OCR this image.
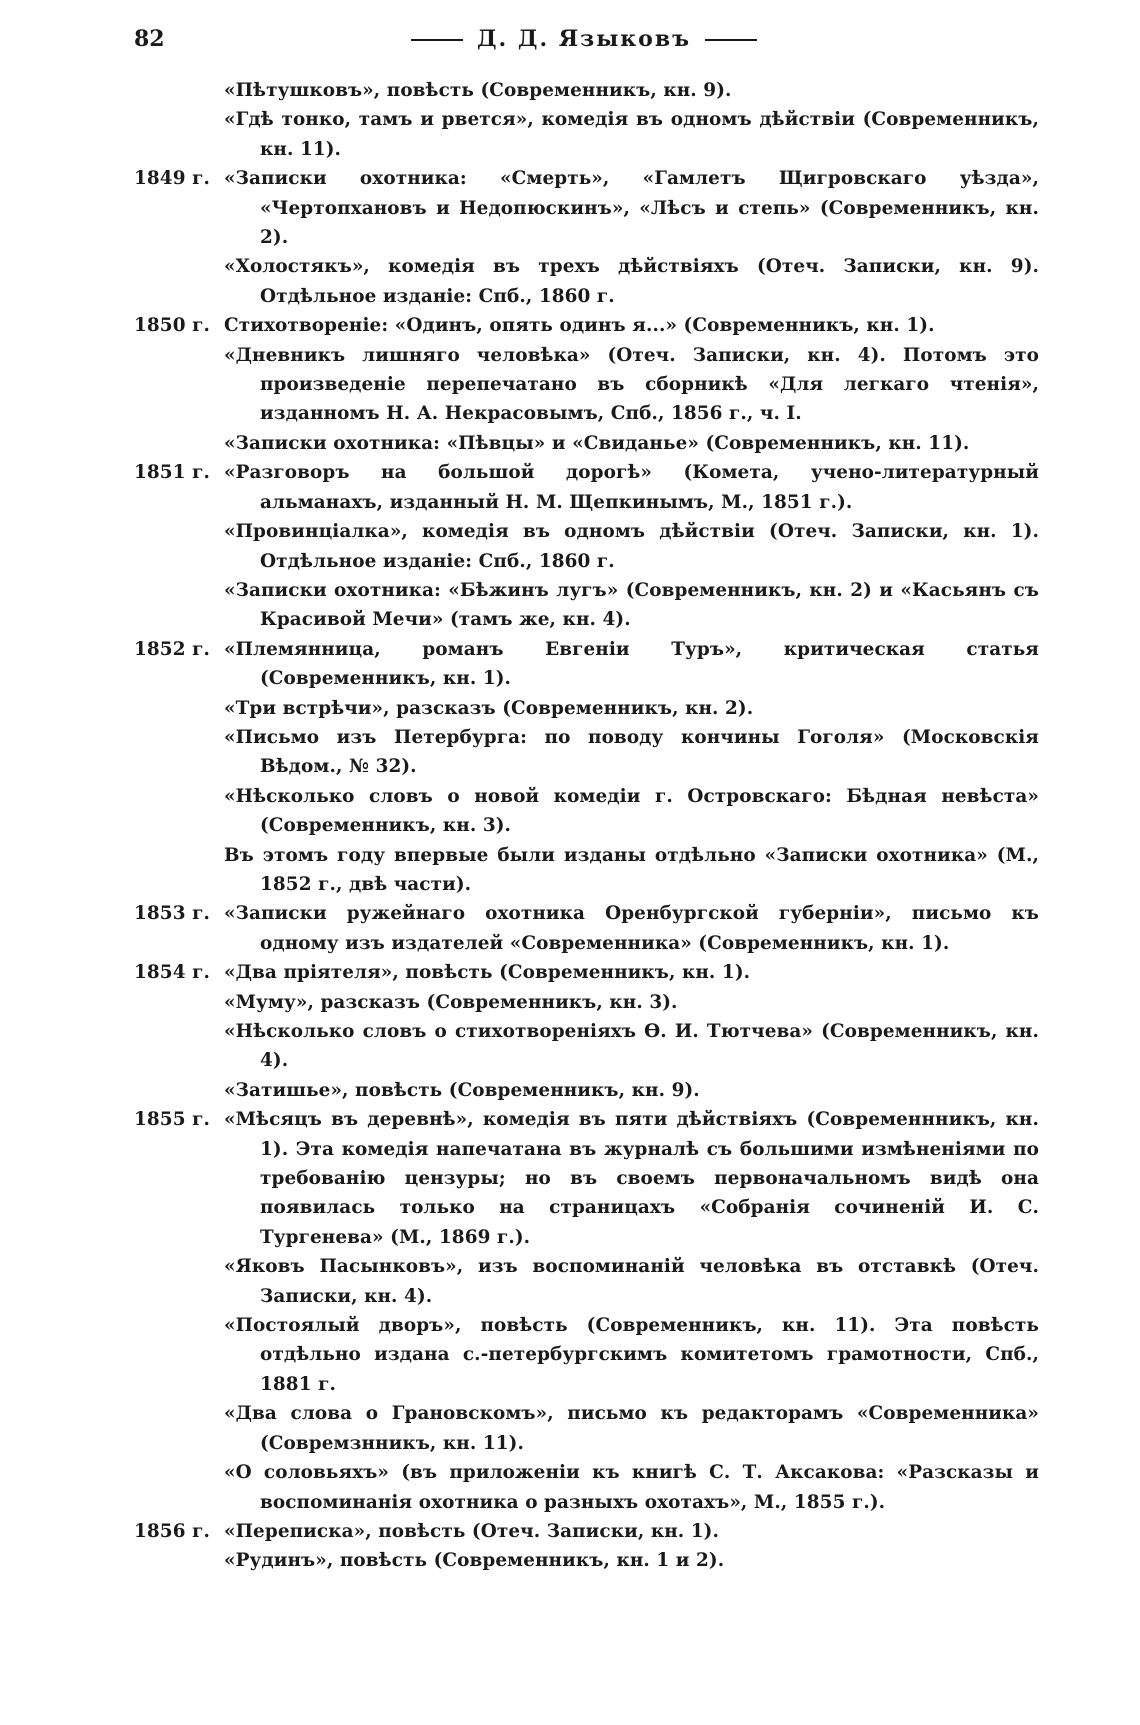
82	Д. Д. Языковъ
«Пѣтушковъ», повѣсть (Современникъ, кн. 9).
«Гдѣ тонко, тамъ и рвется», комедія въ одномъ дѣйствіи (Современникъ, кн. 11).
1849 г. «Записки охотника: «Смерть», «Гамлетъ Щигровскаго уѣзда», «Чертопхановъ и Недопюскинъ», «Лѣсъ и степь» (Современникъ, кн. 2).
«Холостякъ», комедія въ трехъ дѣйствіяхъ (Отеч. Записки, кн. 9). Отдѣльное изданіе: Спб., 1860 г.
1850 г. Стихотвореніе: «Одинъ, опять одинъ я...» (Современникъ, кн. 1).
«Дневникъ лишняго человѣка» (Отеч. Записки, кн. 4). Потомъ это произведеніе перепечатано въ сборникѣ «Для легкаго чтенія», изданномъ Н. А. Некрасовымъ, Спб., 1856 г., ч. I.
«Записки охотника: «Пѣвцы» и «Свиданье» (Современникъ, кн. 11).
1851 г. «Разговоръ на большой дорогѣ» (Комета, учено-литературный альманахъ, изданный Н. М. Щепкинымъ, М., 1851 г.).
«Провинціалка», комедія въ одномъ дѣйствіи (Отеч. Записки, кн. 1). Отдѣльное изданіе: Спб., 1860 г.
«Записки охотника: «Бѣжинъ лугъ» (Современникъ, кн. 2) и «Касьянъ съ Красивой Мечи» (тамъ же, кн. 4).
1852 г. «Племянница, романъ Евгеніи Туръ», критическая статья (Современникъ, кн. 1).
«Три встрѣчи», разсказъ (Современникъ, кн. 2).
«Письмо изъ Петербурга: по поводу кончины Гоголя» (Московскія Вѣдом., № 32).
«Нѣсколько словъ о новой комедіи г. Островскаго: Бѣдная невѣста» (Современникъ, кн. 3).
Въ этомъ году впервые были изданы отдѣльно «Записки охотника» (М., 1852 г., двѣ части).
1853 г. «Записки ружейнаго охотника Оренбургской губерніи», письмо къ одному изъ издателей «Современника» (Современникъ, кн. 1).
1854 г. «Два пріятеля», повѣсть (Современникъ, кн. 1).
«Муму», разсказъ (Современникъ, кн. 3).
«Нѣсколько словъ о стихотвореніяхъ Ѳ. И. Тютчева» (Современникъ, кн. 4).
«Затишье», повѣсть (Современникъ, кн. 9).
1855 г. «Мѣсяцъ въ деревнѣ», комедія въ пяти дѣйствіяхъ (Современнникъ, кн. 1). Эта комедія напечатана въ журналѣ съ большими измѣненіями по требованію цензуры; но въ своемъ первоначальномъ видѣ она появилась только на страницахъ «Собранія сочиненій И. С. Тургенева» (М., 1869 г.).
«Яковъ Пасынковъ», изъ воспоминаній человѣка въ отставкѣ (Отеч. Записки, кн. 4).
«Постоялый дворъ», повѣсть (Современникъ, кн. 11). Эта повѣсть отдѣльно издана с.-петербургскимъ комитетомъ грамотности, Спб., 1881 г.
«Два слова о Грановскомъ», письмо къ редакторамъ «Современника» (Совремзнникъ, кн. 11).
«О соловьяхъ» (въ приложеніи къ книгѣ С. Т. Аксакова: «Разсказы и воспоминанія охотника о разныхъ охотахъ», М., 1855 г.).
1856 г. «Переписка», повѣсть (Отеч. Записки, кн. 1).
«Рудинъ», повѣсть (Современникъ, кн. 1 и 2).
